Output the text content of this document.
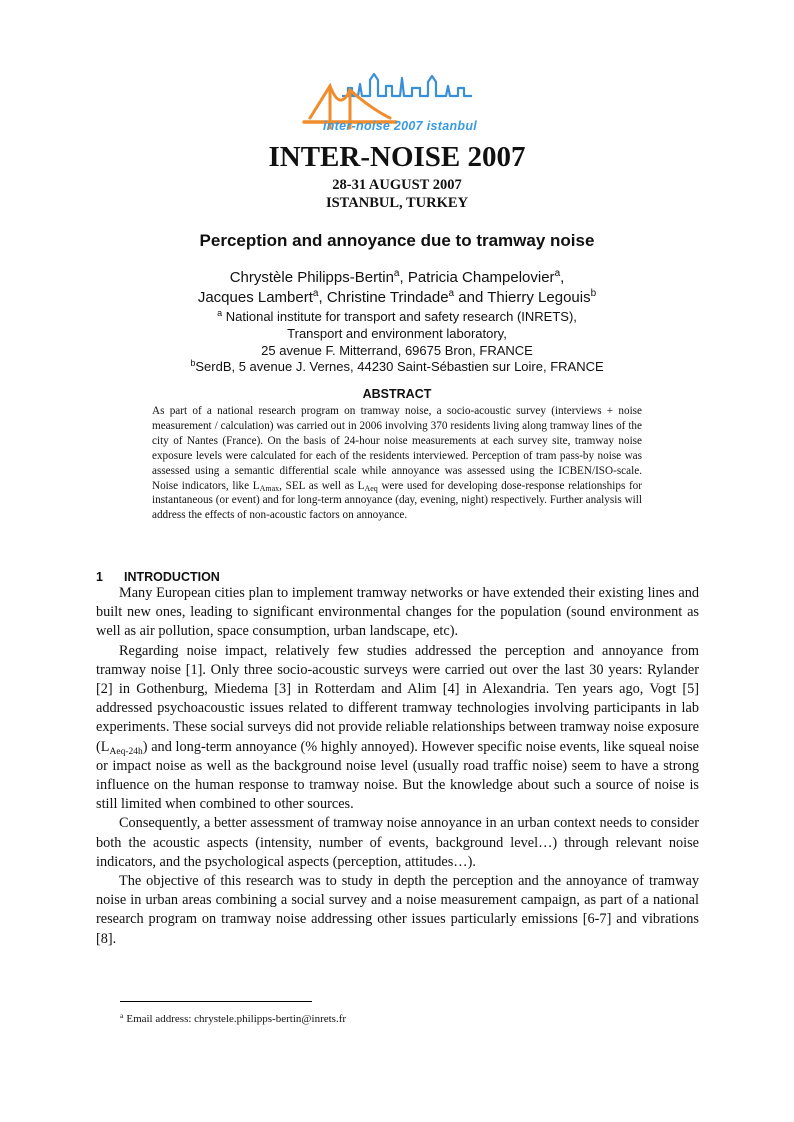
inter-noise 2007 istanbul
INTER-NOISE 2007
28-31 AUGUST 2007
ISTANBUL, TURKEY
Perception and annoyance due to tramway noise
Chrystèle Philipps-Bertin$^a$, Patricia Champelovier$^a$,
Jacques Lambert$^a$, Christine Trindade$^a$ and Thierry Legouis$^b$
$^a$ National institute for transport and safety research (INRETS),
Transport and environment laboratory,
25 avenue F. Mitterrand, 69675 Bron, FRANCE
$^b$SerdB, 5 avenue J. Vernes, 44230 Saint-Sébastien sur Loire, FRANCE
ABSTRACT
As part of a national research program on tramway noise, a socio-acoustic survey (interviews + noise measurement / calculation) was carried out in 2006 involving 370 residents living along tramway lines of the city of Nantes (France). On the basis of 24-hour noise measurements at each survey site, tramway noise exposure levels were calculated for each of the residents interviewed. Perception of tram pass-by noise was assessed using a semantic differential scale while annoyance was assessed using the ICBEN/ISO-scale. Noise indicators, like $L_{Amax}$, SEL as well as $L_{Aeq}$ were used for developing dose-response relationships for instantaneous (or event) and for long-term annoyance (day, evening, night) respectively. Further analysis will address the effects of non-acoustic factors on annoyance.
1 INTRODUCTION

Many European cities plan to implement tramway networks or have extended their existing lines and built new ones, leading to significant environmental changes for the population (sound environment as well as air pollution, space consumption, urban landscape, etc).

Regarding noise impact, relatively few studies addressed the perception and annoyance from tramway noise [1]. Only three socio-acoustic surveys were carried out over the last 30 years: Rylander [2] in Gothenburg, Miedema [3] in Rotterdam and Alim [4] in Alexandria. Ten years ago, Vogt [5] addressed psychoacoustic issues related to different tramway technologies involving participants in lab experiments. These social surveys did not provide reliable relationships between tramway noise exposure $(L_{Aeq-24h})$ and long-term annoyance (% highly annoyed). However specific noise events, like squeal noise or impact noise as well as the background noise level (usually road traffic noise) seem to have a strong influence on the human response to tramway noise. But the knowledge about such a source of noise is still limited when combined to other sources.

Consequently, a better assessment of tramway noise annoyance in an urban context needs to consider both the acoustic aspects (intensity, number of events, background level…) through relevant noise indicators, and the psychological aspects (perception, attitudes…).

The objective of this research was to study in depth the perception and the annoyance of tramway noise in urban areas combining a social survey and a noise measurement campaign, as part of a national research program on tramway noise addressing other issues particularly emissions [6-7] and vibrations [8].

$^a$ Email address: chrystele.philipps-bertin@inrets.fr
